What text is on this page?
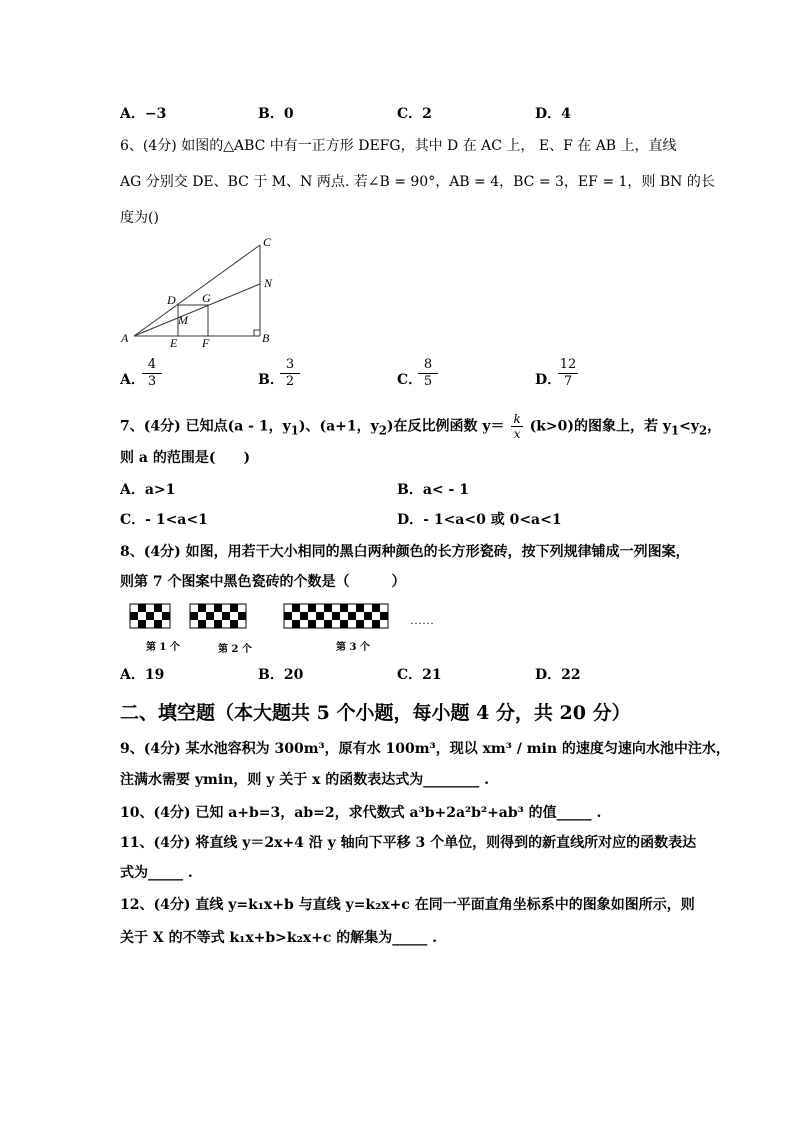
A．−3	B．0	C．2	D．4
6、(4分) 如图的△ABC 中有一正方形 DEFG，其中 D 在 AC 上， E、F 在 AB 上，直线
AG 分别交 DE、BC 于 M、N 两点. 若∠B = 90°，AB = 4，BC = 3，EF = 1，则 BN 的长
度为()
C
N
D G
M
A	E F	B
A．
$\frac{4}{3}$	B．
$\frac{3}{2}$	C．
$\frac{8}{5}$	D．
$\frac{12}{7}$
7、(4分) 已知点(a - 1，$y_1$)、(a+1，$y_2$)在反比例函数 $y= \frac{k}{x} (k>0)$的图象上，若 $y_1<y_2$，
则 a 的范围是(　　)
A．a>1	B．a< - 1
C．- 1<a<1	D．- 1<a<0 或 0<a<1
8、(4分) 如图，用若干大小相同的黑白两种颜色的长方形瓷砖，按下列规律铺成一列图案，
则第 7 个图案中黑色瓷砖的个数是（　　　）
……
第 1 个	第 2 个	第 3 个
A．19	B．20	C．21	D．22
二、填空题（本大题共 5 个小题，每小题 4 分，共 20 分）
9、(4分) 某水池容积为 300m³，原有水 100m³，现以 xm³ / min 的速度匀速向水池中注水，
注满水需要 ymin，则 y 关于 x 的函数表达式为________ .
10、(4分) 已知 a+b=3，ab=2，求代数式 a³b+2a²b²+ab³ 的值_____ .
11、(4分) 将直线 y＝2x+4 沿 y 轴向下平移 3 个单位，则得到的新直线所对应的函数表达
式为_____ .
12、(4分) 直线 y=k₁x+b 与直线 y=k₂x+c 在同一平面直角坐标系中的图象如图所示，则
关于 X 的不等式 k₁x+b>k₂x+c 的解集为_____ .
